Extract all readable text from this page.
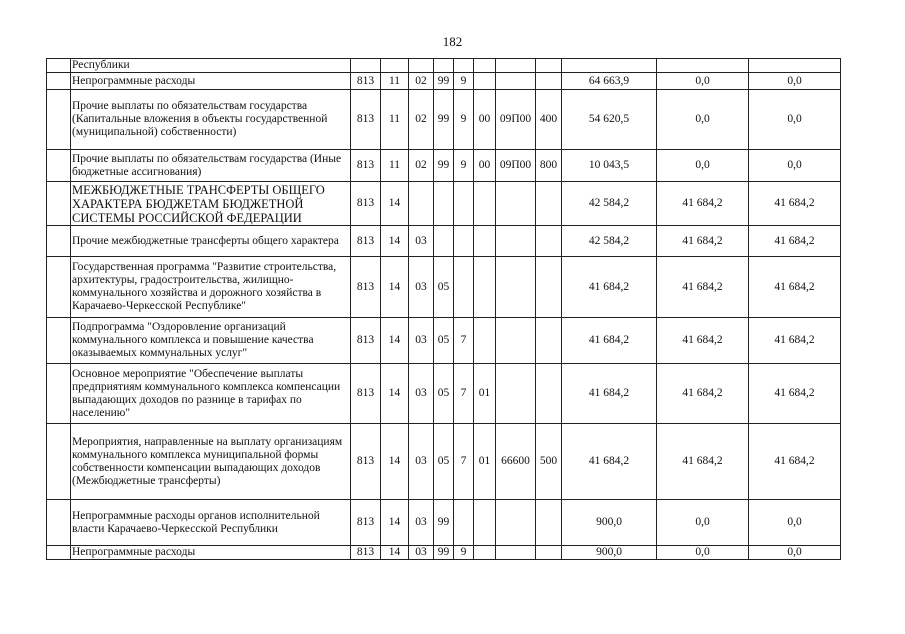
182
	Республики											
	Непрограммные расходы	813	11	02	99	9				64 663,9	0,0	0,0
	Прочие выплаты по обязательствам государства (Капитальные вложения в объекты государственной (муниципальной) собственности)	813	11	02	99	9	00	09П00	400	54 620,5	0,0	0,0
	Прочие выплаты по обязательствам государства (Иные бюджетные ассигнования)	813	11	02	99	9	00	09П00	800	10 043,5	0,0	0,0
	МЕЖБЮДЖЕТНЫЕ ТРАНСФЕРТЫ ОБЩЕГО ХАРАКТЕРА БЮДЖЕТАМ БЮДЖЕТНОЙ СИСТЕМЫ РОССИЙСКОЙ ФЕДЕРАЦИИ	813	14							42 584,2	41 684,2	41 684,2
	Прочие межбюджетные трансферты общего характера	813	14	03						42 584,2	41 684,2	41 684,2
	Государственная программа "Развитие строительства, архитектуры, градостроительства, жилищно-коммунального хозяйства и дорожного хозяйства в Карачаево-Черкесской Республике"	813	14	03	05					41 684,2	41 684,2	41 684,2
	Подпрограмма "Оздоровление организаций коммунального комплекса и повышение качества оказываемых коммунальных услуг"	813	14	03	05	7				41 684,2	41 684,2	41 684,2
	Основное мероприятие "Обеспечение выплаты предприятиям коммунального комплекса компенсации выпадающих доходов по разнице в тарифах по населению"	813	14	03	05	7	01			41 684,2	41 684,2	41 684,2
	Мероприятия, направленные на выплату организациям коммунального комплекса муниципальной формы собственности компенсации выпадающих доходов (Межбюджетные трансферты)	813	14	03	05	7	01	66600	500	41 684,2	41 684,2	41 684,2
	Непрограммные расходы органов исполнительной власти Карачаево-Черкесской Республики	813	14	03	99					900,0	0,0	0,0
	Непрограммные расходы	813	14	03	99	9				900,0	0,0	0,0
